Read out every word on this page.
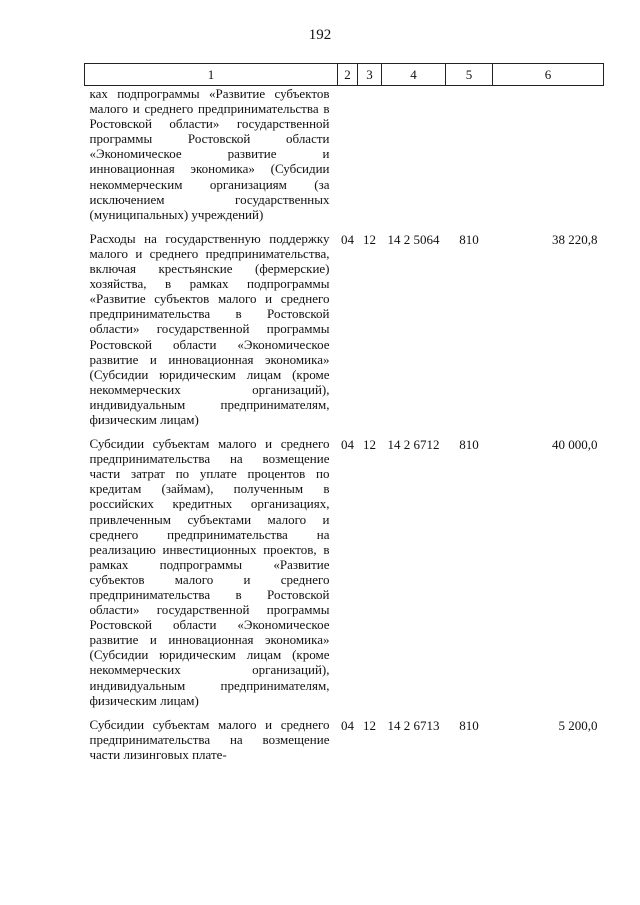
192
1	2	3	4	5	6
ках подпрограммы «Развитие субъектов малого и среднего предпринимательства в Ростовской области» государственной программы Ростовской области «Экономическое развитие и инновационная экономика» (Субсидии некоммерческим организациям (за исключением государственных (муниципальных) учреждений)					

Расходы на государственную поддержку малого и среднего предпринимательства, включая крестьянские (фермерские) хозяйства, в рамках подпрограммы «Развитие субъектов малого и среднего предпринимательства в Ростовской области» государственной программы Ростовской области «Экономическое развитие и инновационная экономика» (Субсидии юридическим лицам (кроме некоммерческих организаций), индивидуальным предпринимателям, физическим лицам)	04	12	14 2 5064	810	38 220,8

Субсидии субъектам малого и среднего предпринимательства на возмещение части затрат по уплате процентов по кредитам (займам), полученным в российских кредитных организациях, привлеченным субъектами малого и среднего предпринимательства на реализацию инвестиционных проектов, в рамках подпрограммы «Развитие субъектов малого и среднего предпринимательства в Ростовской области» государственной программы Ростовской области «Экономическое развитие и инновационная экономика» (Субсидии юридическим лицам (кроме некоммерческих организаций), индивидуальным предпринимателям, физическим лицам)	04	12	14 2 6712	810	40 000,0

Субсидии субъектам малого и среднего предпринимательства на возмещение части лизинговых плате-	04	12	14 2 6713	810	5 200,0
